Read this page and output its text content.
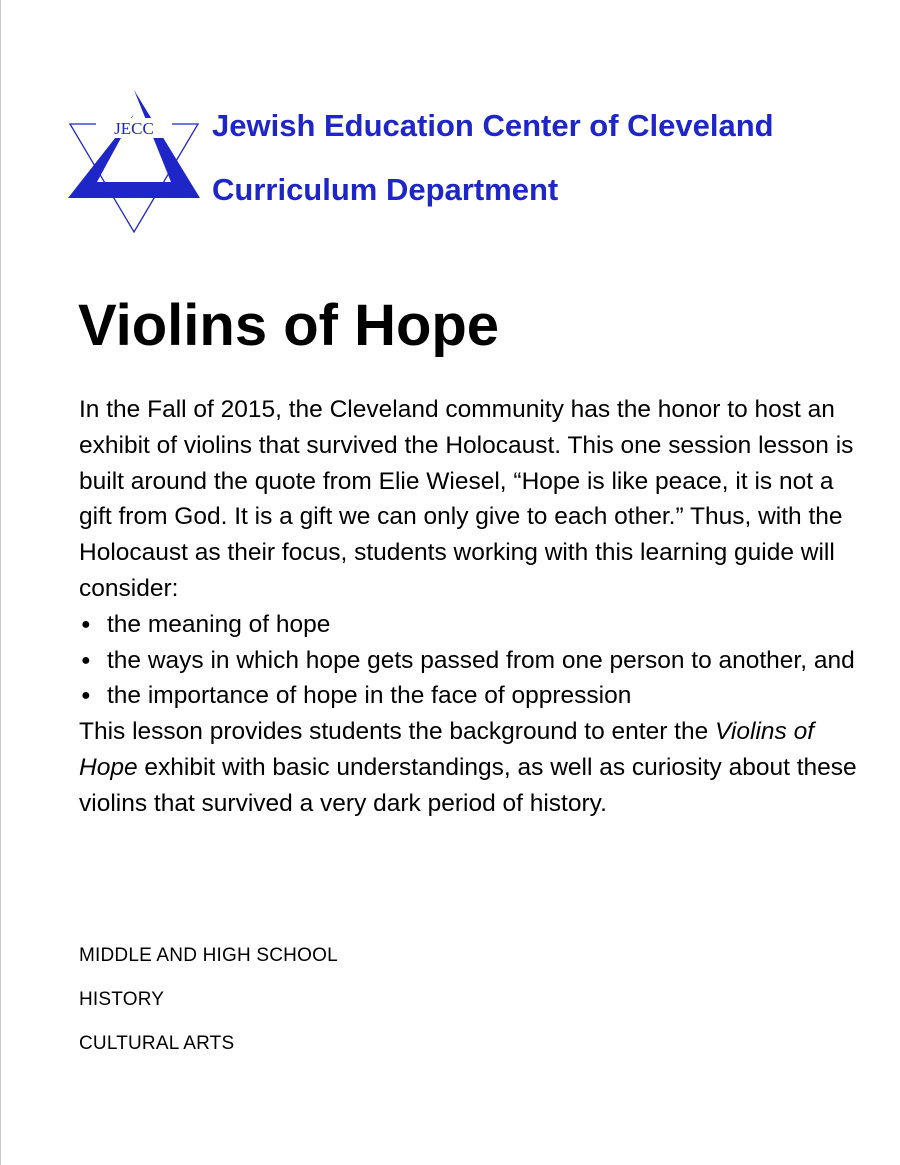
JECC Jewish Education Center of Cleveland
Curriculum Department
Violins of Hope

In the Fall of 2015, the Cleveland community has the honor to host an exhibit of violins that survived the Holocaust. This one session lesson is built around the quote from Elie Wiesel, “Hope is like peace, it is not a gift from God. It is a gift we can only give to each other.” Thus, with the Holocaust as their focus, students working with this learning guide will consider:

● the meaning of hope
● the ways in which hope gets passed from one person to another, and
● the importance of hope in the face of oppression

This lesson provides students the background to enter the Violins of Hope exhibit with basic understandings, as well as curiosity about these violins that survived a very dark period of history.

MIDDLE AND HIGH SCHOOL
HISTORY
CULTURAL ARTS
